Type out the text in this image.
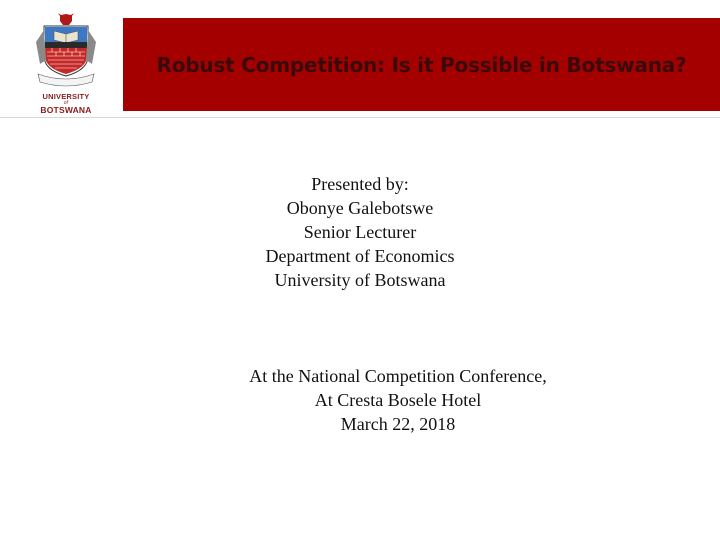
UNIVERSITY
of
BOTSWANA
Robust Competition: Is it Possible in Botswana?
Presented by:
Obonye Galebotswe
Senior Lecturer
Department of Economics
University of Botswana
At the National Competition Conference,
At Cresta Bosele Hotel
March 22, 2018
